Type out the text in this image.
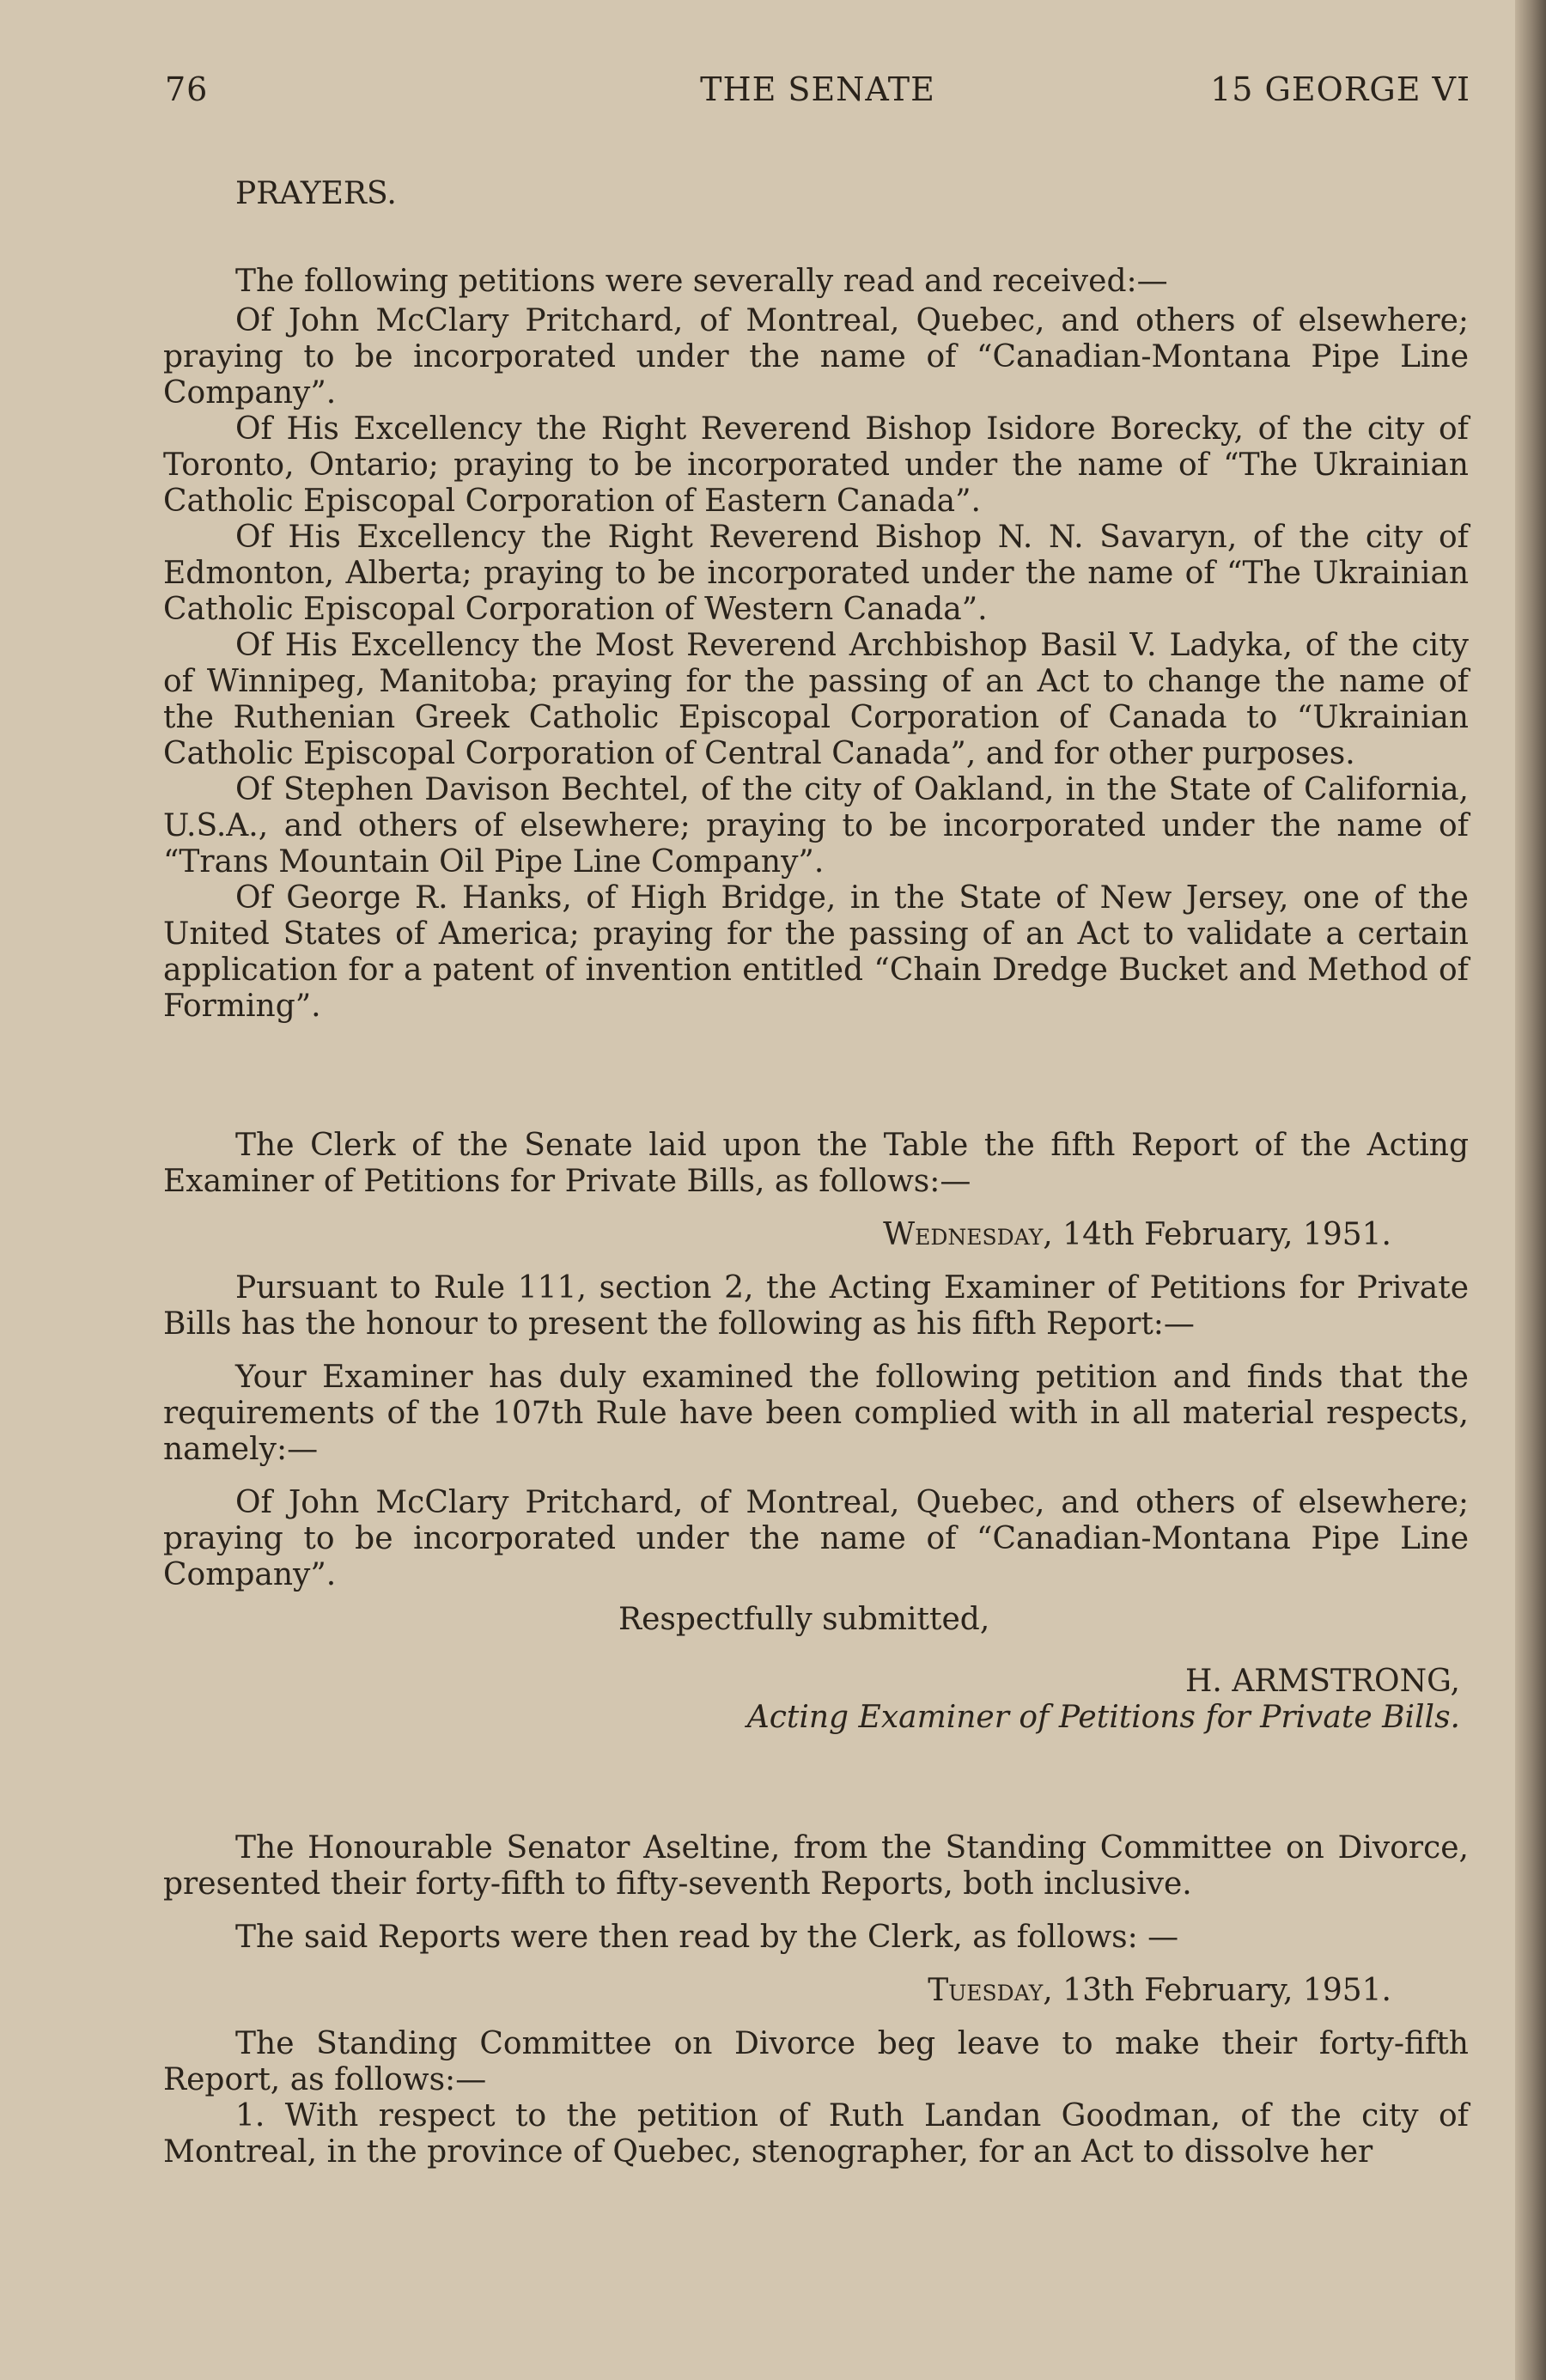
76	THE SENATE	15 GEORGE VI

PRAYERS.

The following petitions were severally read and received:—

Of John McClary Pritchard, of Montreal, Quebec, and others of elsewhere; praying to be incorporated under the name of “Canadian-Montana Pipe Line Company”.

Of His Excellency the Right Reverend Bishop Isidore Borecky, of the city of Toronto, Ontario; praying to be incorporated under the name of “The Ukrainian Catholic Episcopal Corporation of Eastern Canada”.

Of His Excellency the Right Reverend Bishop N. N. Savaryn, of the city of Edmonton, Alberta; praying to be incorporated under the name of “The Ukrainian Catholic Episcopal Corporation of Western Canada”.

Of His Excellency the Most Reverend Archbishop Basil V. Ladyka, of the city of Winnipeg, Manitoba; praying for the passing of an Act to change the name of the Ruthenian Greek Catholic Episcopal Corporation of Canada to “Ukrainian Catholic Episcopal Corporation of Central Canada”, and for other purposes.

Of Stephen Davison Bechtel, of the city of Oakland, in the State of California, U.S.A., and others of elsewhere; praying to be incorporated under the name of “Trans Mountain Oil Pipe Line Company”.

Of George R. Hanks, of High Bridge, in the State of New Jersey, one of the United States of America; praying for the passing of an Act to validate a certain application for a patent of invention entitled “Chain Dredge Bucket and Method of Forming”.

The Clerk of the Senate laid upon the Table the fifth Report of the Acting Examiner of Petitions for Private Bills, as follows:—

Wednesday, 14th February, 1951.

Pursuant to Rule 111, section 2, the Acting Examiner of Petitions for Private Bills has the honour to present the following as his fifth Report:—

Your Examiner has duly examined the following petition and finds that the requirements of the 107th Rule have been complied with in all material respects, namely:—

Of John McClary Pritchard, of Montreal, Quebec, and others of elsewhere; praying to be incorporated under the name of “Canadian-Montana Pipe Line Company”.

Respectfully submitted,

H. ARMSTRONG,

Acting Examiner of Petitions for Private Bills.

The Honourable Senator Aseltine, from the Standing Committee on Divorce, presented their forty-fifth to fifty-seventh Reports, both inclusive.

The said Reports were then read by the Clerk, as follows: —

Tuesday, 13th February, 1951.

The Standing Committee on Divorce beg leave to make their forty-fifth Report, as follows:—

1. With respect to the petition of Ruth Landan Goodman, of the city of Montreal, in the province of Quebec, stenographer, for an Act to dissolve her
